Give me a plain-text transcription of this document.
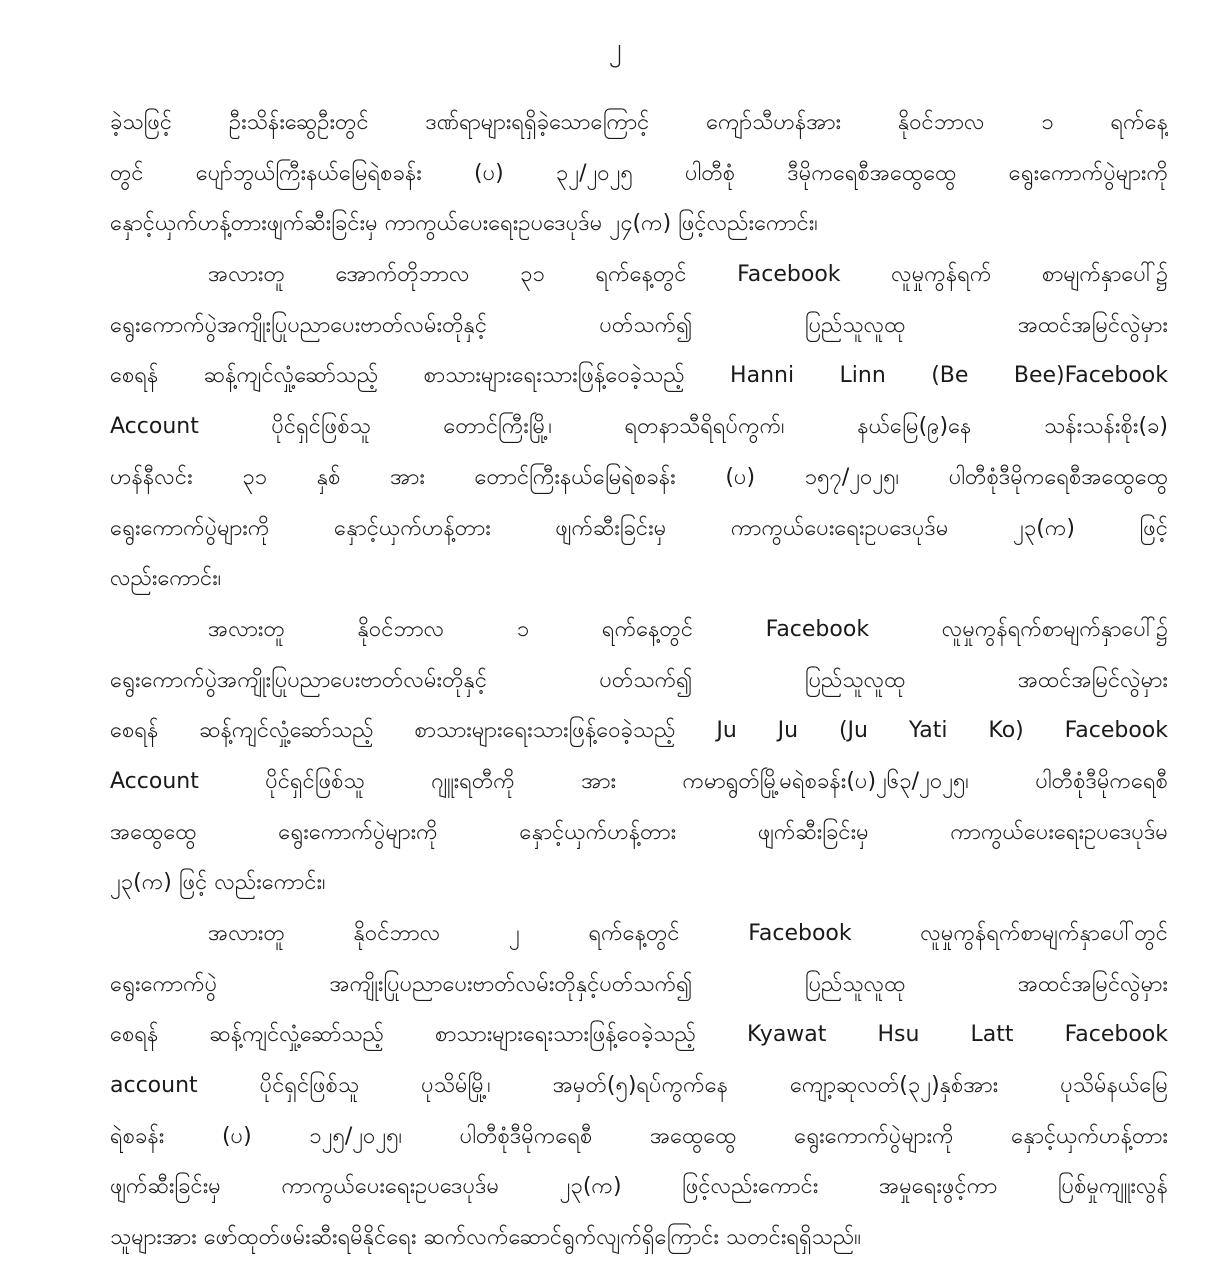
၂
ခဲ့သဖြင့် ဦးသိန်းဆွေဦးတွင် ဒဏ်ရာများရရှိခဲ့သောကြောင့် ကျော်သီဟန်အား နိုဝင်ဘာလ ၁ ရက်နေ့
တွင် ပျော်ဘွယ်ကြီးနယ်မြေရဲစခန်း (ပ) ၃၂/၂၀၂၅ ပါတီစုံ ဒီမိုကရေစီအထွေထွေ ရွေးကောက်ပွဲများကို
နှောင့်ယှက်ဟန့်တားဖျက်ဆီးခြင်းမှ ကာကွယ်ပေးရေးဥပဒေပုဒ်မ ၂၄(က) ဖြင့်လည်းကောင်း၊
အလားတူ အောက်တိုဘာလ ၃၁ ရက်နေ့တွင် Facebook လူမှုကွန်ရက် စာမျက်နှာပေါ်၌
ရွေးကောက်ပွဲအကျိုးပြုပညာပေးဗာတ်လမ်းတိုနှင့် ပတ်သက်၍ ပြည်သူလူထု အထင်အမြင်လွဲမှား
စေရန် ဆန့်ကျင်လှုံ့ဆော်သည့် စာသားများရေးသားဖြန့်ဝေခဲ့သည့် Hanni Linn (Be Bee)Facebook
Account ပိုင်ရှင်ဖြစ်သူ တောင်ကြီးမြို့၊ ရတနာသီရိရပ်ကွက်၊ နယ်မြေ(၉)နေ သန်းသန်းစိုး(ခ)
ဟန်နီလင်း ၃၁ နှစ် အား တောင်ကြီးနယ်မြေရဲစခန်း (ပ) ၁၅၇/၂၀၂၅၊ ပါတီစုံဒီမိုကရေစီအထွေထွေ
ရွေးကောက်ပွဲများကို နှောင့်ယှက်ဟန့်တား ဖျက်ဆီးခြင်းမှ ကာကွယ်ပေးရေးဥပဒေပုဒ်မ ၂၃(က) ဖြင့်
လည်းကောင်း၊
အလားတူ နိုဝင်ဘာလ ၁ ရက်နေ့တွင် Facebook လူမှုကွန်ရက်စာမျက်နှာပေါ်၌
ရွေးကောက်ပွဲအကျိုးပြုပညာပေးဗာတ်လမ်းတိုနှင့် ပတ်သက်၍ ပြည်သူလူထု အထင်အမြင်လွဲမှား
စေရန် ဆန့်ကျင်လှုံ့ဆော်သည့် စာသားများရေးသားဖြန့်ဝေခဲ့သည့် Ju Ju (Ju Yati Ko) Facebook
Account ပိုင်ရှင်ဖြစ်သူ ဂျူးရတီကို အား ကမာရွတ်မြို့မရဲစခန်း(ပ)၂၆၃/၂၀၂၅၊ ပါတီစုံဒီမိုကရေစီ
အထွေထွေ ရွေးကောက်ပွဲများကို နှောင့်ယှက်ဟန့်တား ဖျက်ဆီးခြင်းမှ ကာကွယ်ပေးရေးဥပဒေပုဒ်မ
၂၃(က) ဖြင့် လည်းကောင်း၊
အလားတူ နိုဝင်ဘာလ ၂ ရက်နေ့တွင် Facebook လူမှုကွန်ရက်စာမျက်နှာပေါ်တွင်
ရွေးကောက်ပွဲ အကျိုးပြုပညာပေးဗာတ်လမ်းတိုနှင့်ပတ်သက်၍ ပြည်သူလူထု အထင်အမြင်လွဲမှား
စေရန် ဆန့်ကျင်လှုံ့ဆော်သည့် စာသားများရေးသားဖြန့်ဝေခဲ့သည့် Kyawat Hsu Latt Facebook
account ပိုင်ရှင်ဖြစ်သူ ပုသိမ်မြို့၊ အမှတ်(၅)ရပ်ကွက်နေ ကျော့ဆုလတ်(၃၂)နှစ်အား ပုသိမ်နယ်မြေ
ရဲစခန်း (ပ) ၁၂၅/၂၀၂၅၊ ပါတီစုံဒီမိုကရေစီ အထွေထွေ ရွေးကောက်ပွဲများကို နှောင့်ယှက်ဟန့်တား
ဖျက်ဆီးခြင်းမှ ကာကွယ်ပေးရေးဥပဒေပုဒ်မ ၂၃(က) ဖြင့်လည်းကောင်း အမှုရေးဖွင့်ကာ ပြစ်မှုကျူးလွန်
သူများအား ဖော်ထုတ်ဖမ်းဆီးရမိနိုင်ရေး ဆက်လက်ဆောင်ရွက်လျက်ရှိကြောင်း သတင်းရရှိသည်။
